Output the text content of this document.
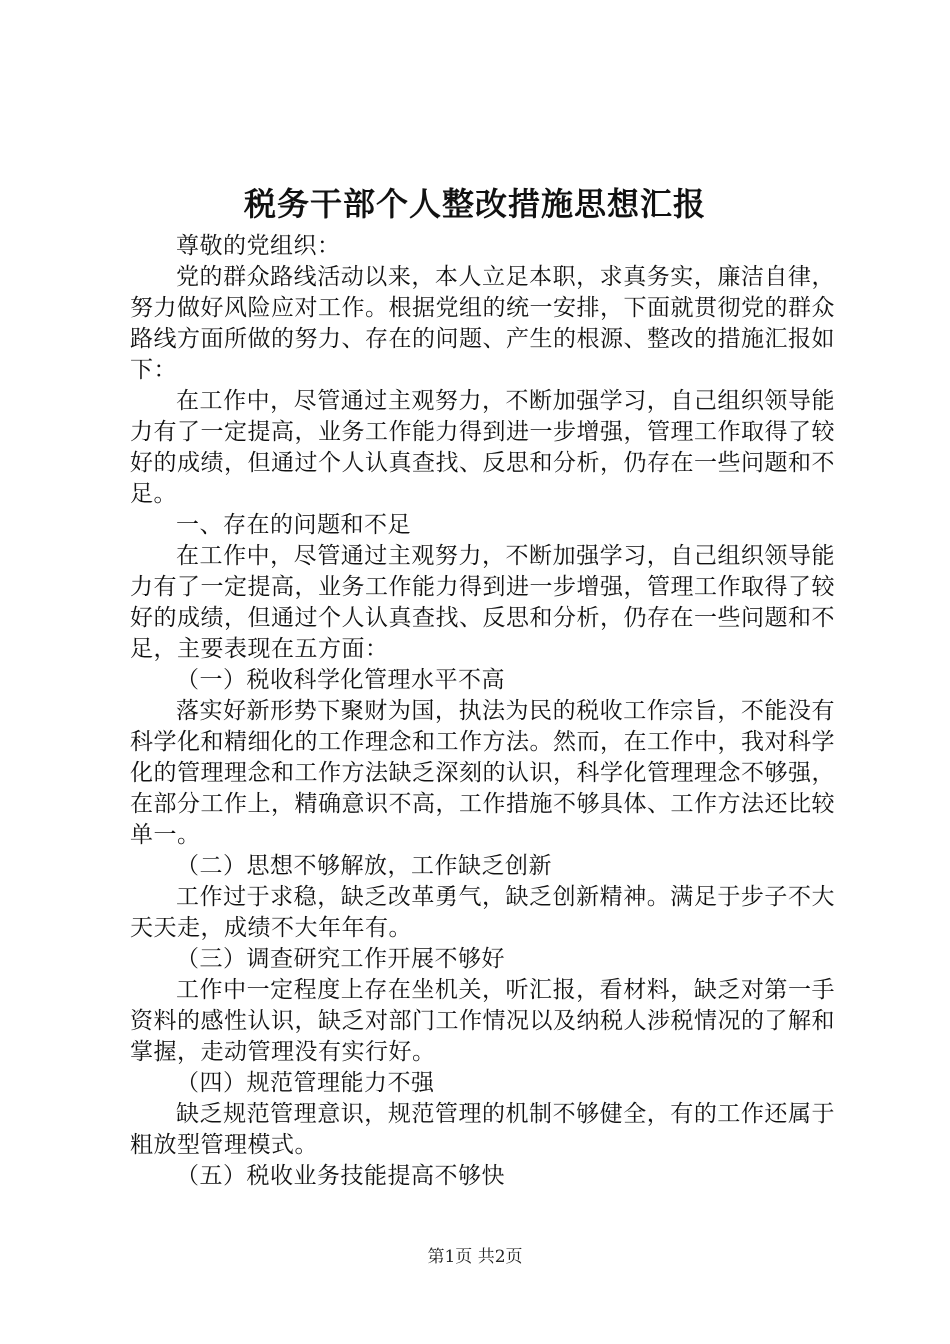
税务干部个人整改措施思想汇报

尊敬的党组织：

党的群众路线活动以来，本人立足本职，求真务实，廉洁自律，努力做好风险应对工作。根据党组的统一安排，下面就贯彻党的群众路线方面所做的努力、存在的问题、产生的根源、整改的措施汇报如下：

在工作中，尽管通过主观努力，不断加强学习，自己组织领导能力有了一定提高，业务工作能力得到进一步增强，管理工作取得了较好的成绩，但通过个人认真查找、反思和分析，仍存在一些问题和不足。

一、存在的问题和不足

在工作中，尽管通过主观努力，不断加强学习，自己组织领导能力有了一定提高，业务工作能力得到进一步增强，管理工作取得了较好的成绩，但通过个人认真查找、反思和分析，仍存在一些问题和不足，主要表现在五方面：

（一）税收科学化管理水平不高

落实好新形势下聚财为国，执法为民的税收工作宗旨，不能没有科学化和精细化的工作理念和工作方法。然而，在工作中，我对科学化的管理理念和工作方法缺乏深刻的认识，科学化管理理念不够强，在部分工作上，精确意识不高，工作措施不够具体、工作方法还比较单一。

（二）思想不够解放，工作缺乏创新

工作过于求稳，缺乏改革勇气，缺乏创新精神。满足于步子不大天天走，成绩不大年年有。

（三）调查研究工作开展不够好

工作中一定程度上存在坐机关，听汇报，看材料，缺乏对第一手资料的感性认识，缺乏对部门工作情况以及纳税人涉税情况的了解和掌握，走动管理没有实行好。

（四）规范管理能力不强

缺乏规范管理意识，规范管理的机制不够健全，有的工作还属于粗放型管理模式。

（五）税收业务技能提高不够快

第1页 共2页
